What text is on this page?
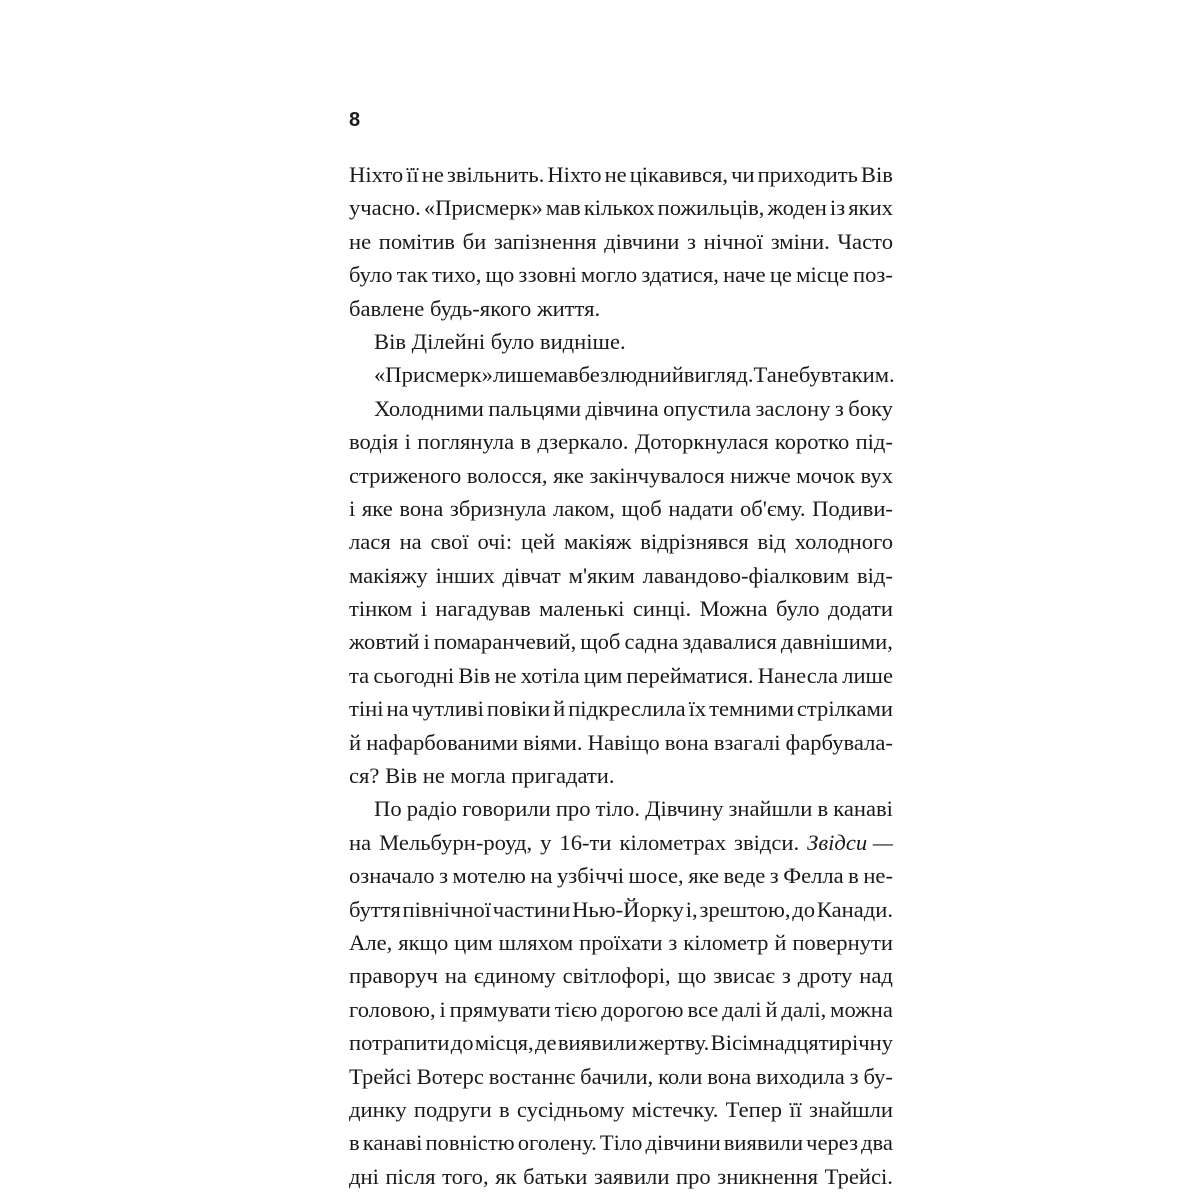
8
Ніхто її не звільнить. Ніхто не цікавився, чи приходить Вів
учасно. «Присмерк» мав кількох пожильців, жоден із яких
не помітив би запізнення дівчини з нічної зміни. Часто
було так тихо, що ззовні могло здатися, наче це місце поз-
бавлене будь-якого життя.
Вів Ділейні було видніше.
«Присмерк» лише мав безлюдний вигляд. Та не був таким.
Холодними пальцями дівчина опустила заслону з боку
водія і поглянула в дзеркало. Доторкнулася коротко під-
стриженого волосся, яке закінчувалося нижче мочок вух
і яке вона збризнула лаком, щоб надати об'єму. Подиви-
лася на свої очі: цей макіяж відрізнявся від холодного
макіяжу інших дівчат м'яким лавандово-фіалковим від-
тінком і нагадував маленькі синці. Можна було додати
жовтий і помаранчевий, щоб садна здавалися давнішими,
та сьогодні Вів не хотіла цим перейматися. Нанесла лише
тіні на чутливі повіки й підкреслила їх темними стрілками
й нафарбованими віями. Навіщо вона взагалі фарбувала-
ся? Вів не могла пригадати.
По радіо говорили про тіло. Дівчину знайшли в канаві
на Мельбурн-роуд, у 16-ти кілометрах звідси. Звідси —
означало з мотелю на узбіччі шосе, яке веде з Фелла в не-
буття північної частини Нью-Йорку і, зрештою, до Канади.
Але, якщо цим шляхом проїхати з кілометр й повернути
праворуч на єдиному світлофорі, що звисає з дроту над
головою, і прямувати тією дорогою все далі й далі, можна
потрапити до місця, де виявили жертву. Вісімнадцятирічну
Трейсі Вотерс востаннє бачили, коли вона виходила з бу-
динку подруги в сусідньому містечку. Тепер її знайшли
в канаві повністю оголену. Тіло дівчини виявили через два
дні після того, як батьки заявили про зникнення Трейсі.
